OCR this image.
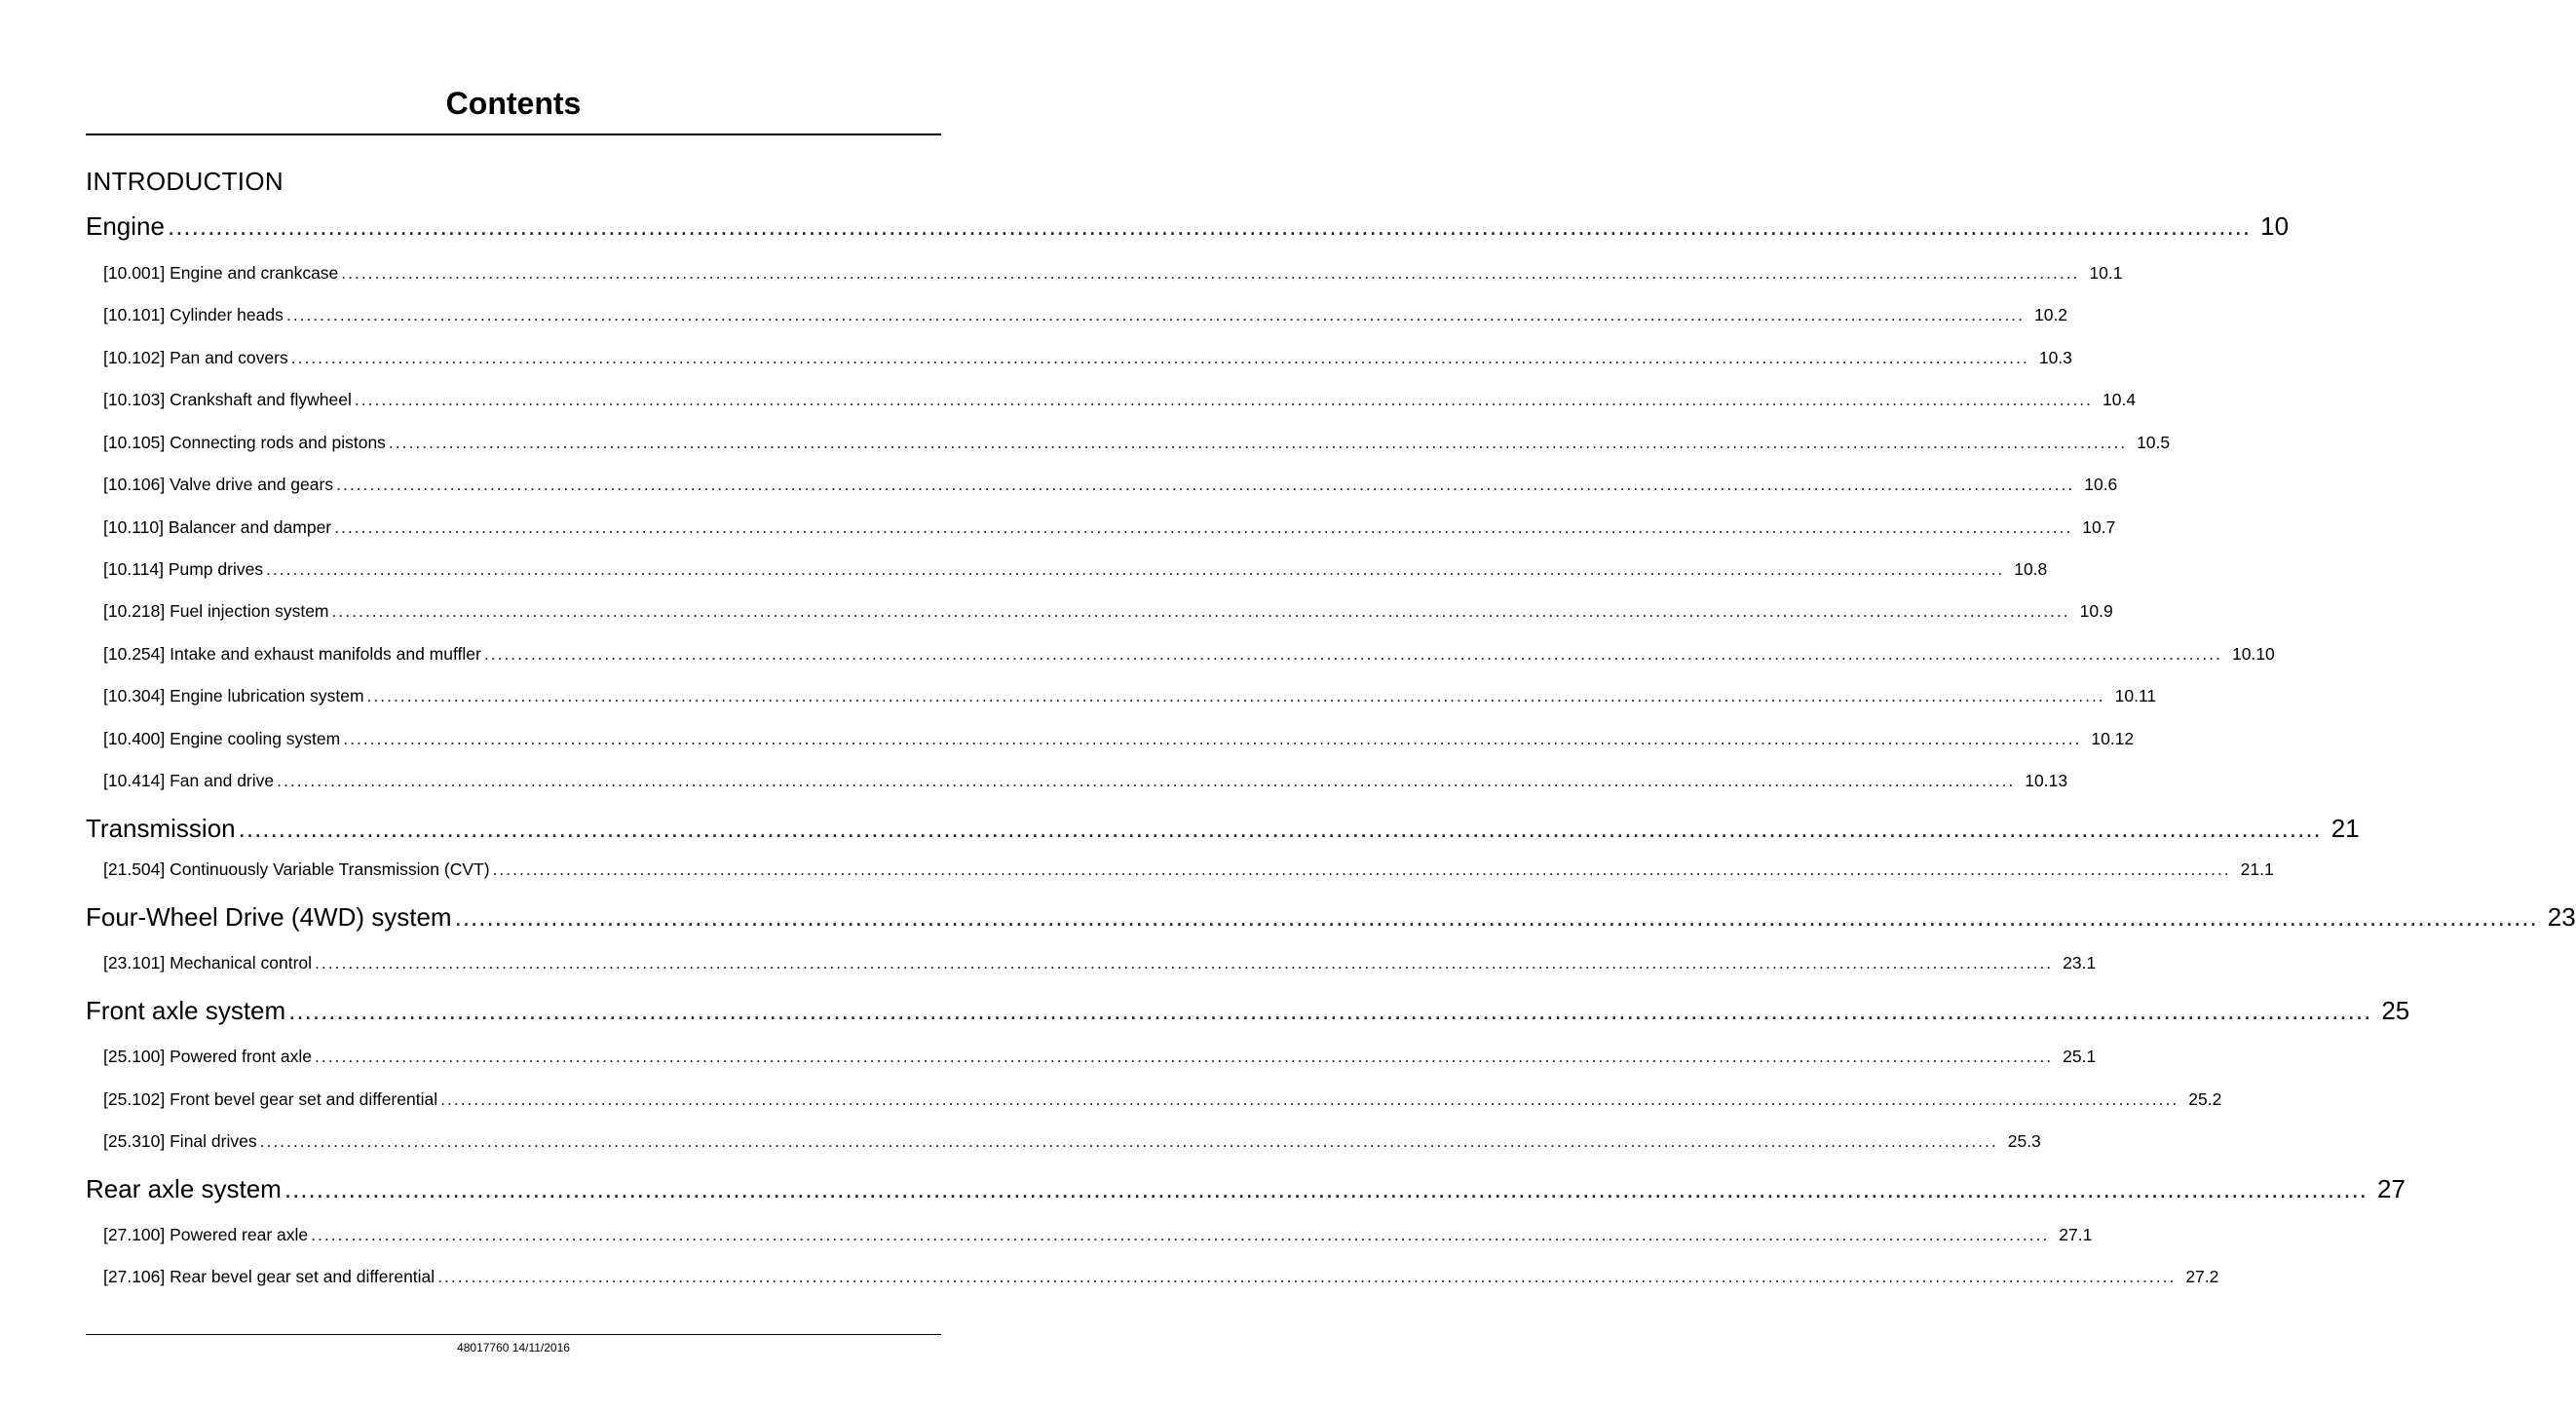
Contents
INTRODUCTION
Engine .................................................................................................................................................................................................................................................................... 10
[10.001] Engine and crankcase .................................................................................................................................................................................................................................................................... 10.1
[10.101] Cylinder heads .................................................................................................................................................................................................................................................................... 10.2
[10.102] Pan and covers .................................................................................................................................................................................................................................................................... 10.3
[10.103] Crankshaft and flywheel .................................................................................................................................................................................................................................................................... 10.4
[10.105] Connecting rods and pistons .................................................................................................................................................................................................................................................................... 10.5
[10.106] Valve drive and gears .................................................................................................................................................................................................................................................................... 10.6
[10.110] Balancer and damper .................................................................................................................................................................................................................................................................... 10.7
[10.114] Pump drives .................................................................................................................................................................................................................................................................... 10.8
[10.218] Fuel injection system .................................................................................................................................................................................................................................................................... 10.9
[10.254] Intake and exhaust manifolds and muffler .................................................................................................................................................................................................................................................................... 10.10
[10.304] Engine lubrication system .................................................................................................................................................................................................................................................................... 10.11
[10.400] Engine cooling system .................................................................................................................................................................................................................................................................... 10.12
[10.414] Fan and drive .................................................................................................................................................................................................................................................................... 10.13
Transmission .................................................................................................................................................................................................................................................................... 21
[21.504] Continuously Variable Transmission (CVT) .................................................................................................................................................................................................................................................................... 21.1
Four-Wheel Drive (4WD) system .................................................................................................................................................................................................................................................................... 23
[23.101] Mechanical control .................................................................................................................................................................................................................................................................... 23.1
Front axle system .................................................................................................................................................................................................................................................................... 25
[25.100] Powered front axle .................................................................................................................................................................................................................................................................... 25.1
[25.102] Front bevel gear set and differential .................................................................................................................................................................................................................................................................... 25.2
[25.310] Final drives .................................................................................................................................................................................................................................................................... 25.3
Rear axle system .................................................................................................................................................................................................................................................................... 27
[27.100] Powered rear axle .................................................................................................................................................................................................................................................................... 27.1
[27.106] Rear bevel gear set and differential .................................................................................................................................................................................................................................................................... 27.2
48017760 14/11/2016
